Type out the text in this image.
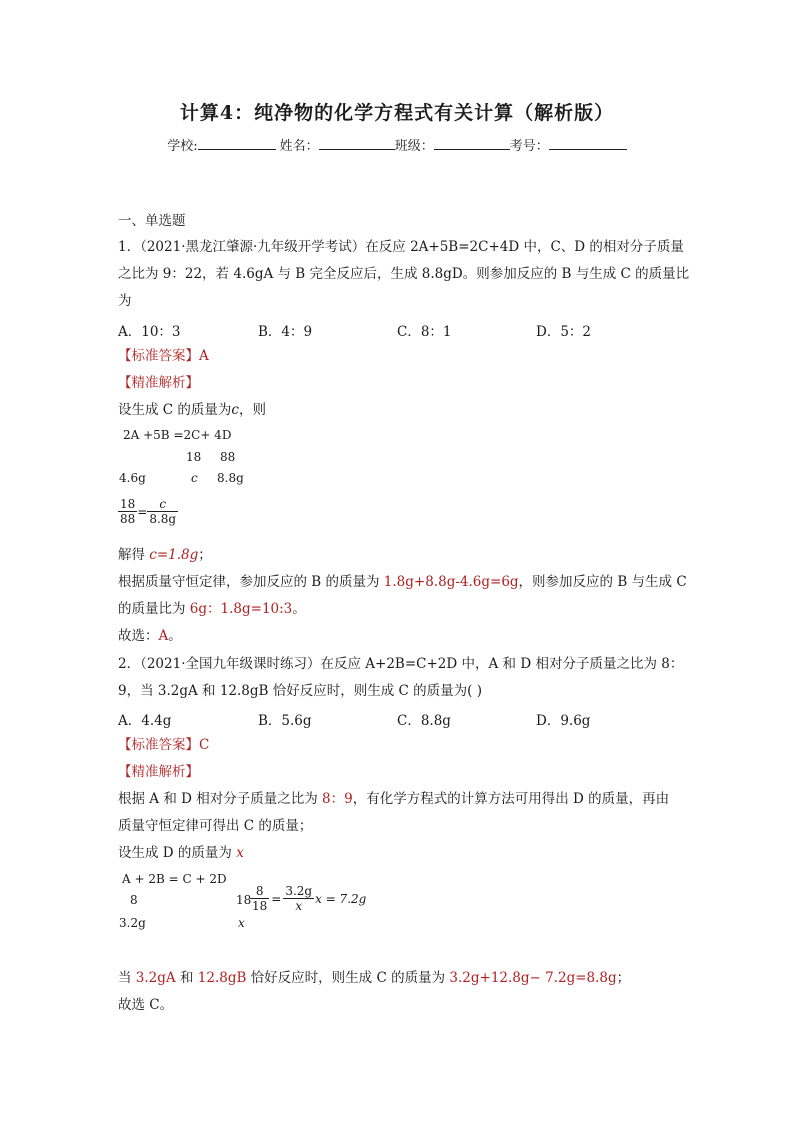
计算4：纯净物的化学方程式有关计算（解析版）
学校:	姓名：	班级：	考号：
一、单选题
1．（2021·黑龙江肇源·九年级开学考试）在反应 2A+5B=2C+4D 中，C、D 的相对分子质量
之比为 9：22，若 4.6gA 与 B 完全反应后，生成 8.8gD。则参加反应的 B 与生成 C 的质量比
为
A．10：3	B．4：9	C．8：1	D．5：2
【标准答案】A
【精准解析】
设生成 C 的质量为c，则
2A +5B =2C+ 4D
18 88
4.6g	c 8.8g
$\frac{18}{88} = \frac{c}{8.8g}$
解得 c=1.8g；
根据质量守恒定律，参加反应的 B 的质量为 1.8g+8.8g-4.6g=6g，则参加反应的 B 与生成 C
的质量比为 6g：1.8g=10:3。
故选：A。
2．（2021·全国九年级课时练习）在反应 A+2B=C+2D 中，A 和 D 相对分子质量之比为 8：
9，当 3.2gA 和 12.8gB 恰好反应时，则生成 C 的质量为( )
A．4.4g	B．5.6g	C．8.8g	D．9.6g
【标准答案】C
【精准解析】
根据 A 和 D 相对分子质量之比为 8：9，有化学方程式的计算方法可用得出 D 的质量，再由
质量守恒定律可得出 C 的质量；
设生成 D 的质量为 x
A + 2B = C + 2D
8	18
$\frac{8}{18} = \frac{3.2g}{x}$ x = 7.2g
3.2g	x
当 3.2gA 和 12.8gB 恰好反应时，则生成 C 的质量为 3.2g+12.8g− 7.2g=8.8g；
故选 C。
